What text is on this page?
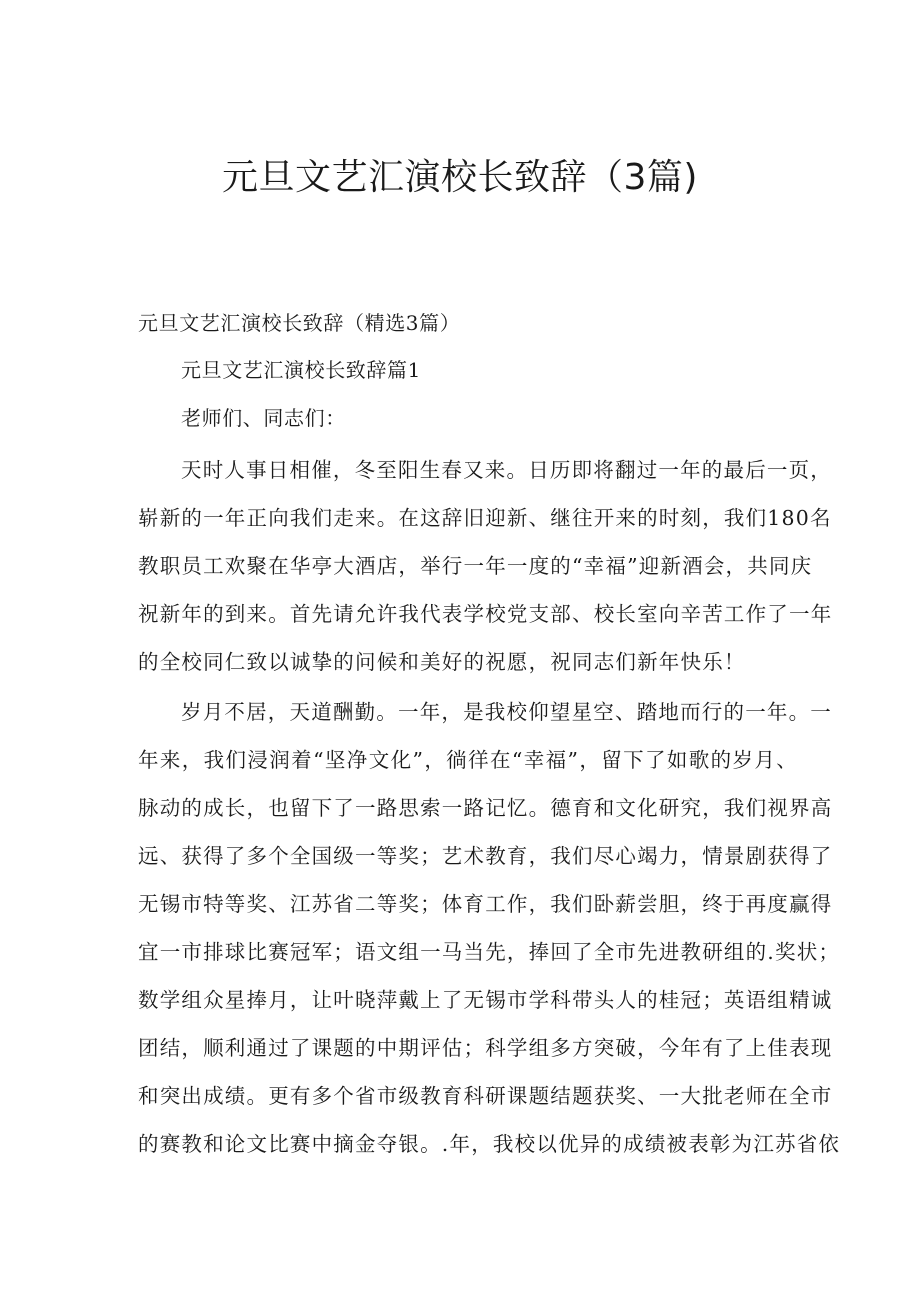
元旦文艺汇演校长致辞（3篇)

元旦文艺汇演校长致辞（精选3篇）

元旦文艺汇演校长致辞篇1

老师们、同志们：

天时人事日相催，冬至阳生春又来。日历即将翻过一年的最后一页，
崭新的一年正向我们走来。在这辞旧迎新、继往开来的时刻，我们180名
教职员工欢聚在华亭大酒店，举行一年一度的“幸福”迎新酒会，共同庆
祝新年的到来。首先请允许我代表学校党支部、校长室向辛苦工作了一年
的全校同仁致以诚挚的问候和美好的祝愿，祝同志们新年快乐！
岁月不居，天道酬勤。一年，是我校仰望星空、踏地而行的一年。一
年来，我们浸润着“坚净文化”，徜徉在“幸福”，留下了如歌的岁月、
脉动的成长，也留下了一路思索一路记忆。德育和文化研究，我们视界高
远、获得了多个全国级一等奖；艺术教育，我们尽心竭力，情景剧获得了
无锡市特等奖、江苏省二等奖；体育工作，我们卧薪尝胆，终于再度赢得
宜一市排球比赛冠军；语文组一马当先，捧回了全市先进教研组的.奖状；
数学组众星捧月，让叶晓萍戴上了无锡市学科带头人的桂冠；英语组精诚
团结，顺利通过了课题的中期评估；科学组多方突破，今年有了上佳表现
和突出成绩。更有多个省市级教育科研课题结题获奖、一大批老师在全市
的赛教和论文比赛中摘金夺银。.年，我校以优异的成绩被表彰为江苏省依
